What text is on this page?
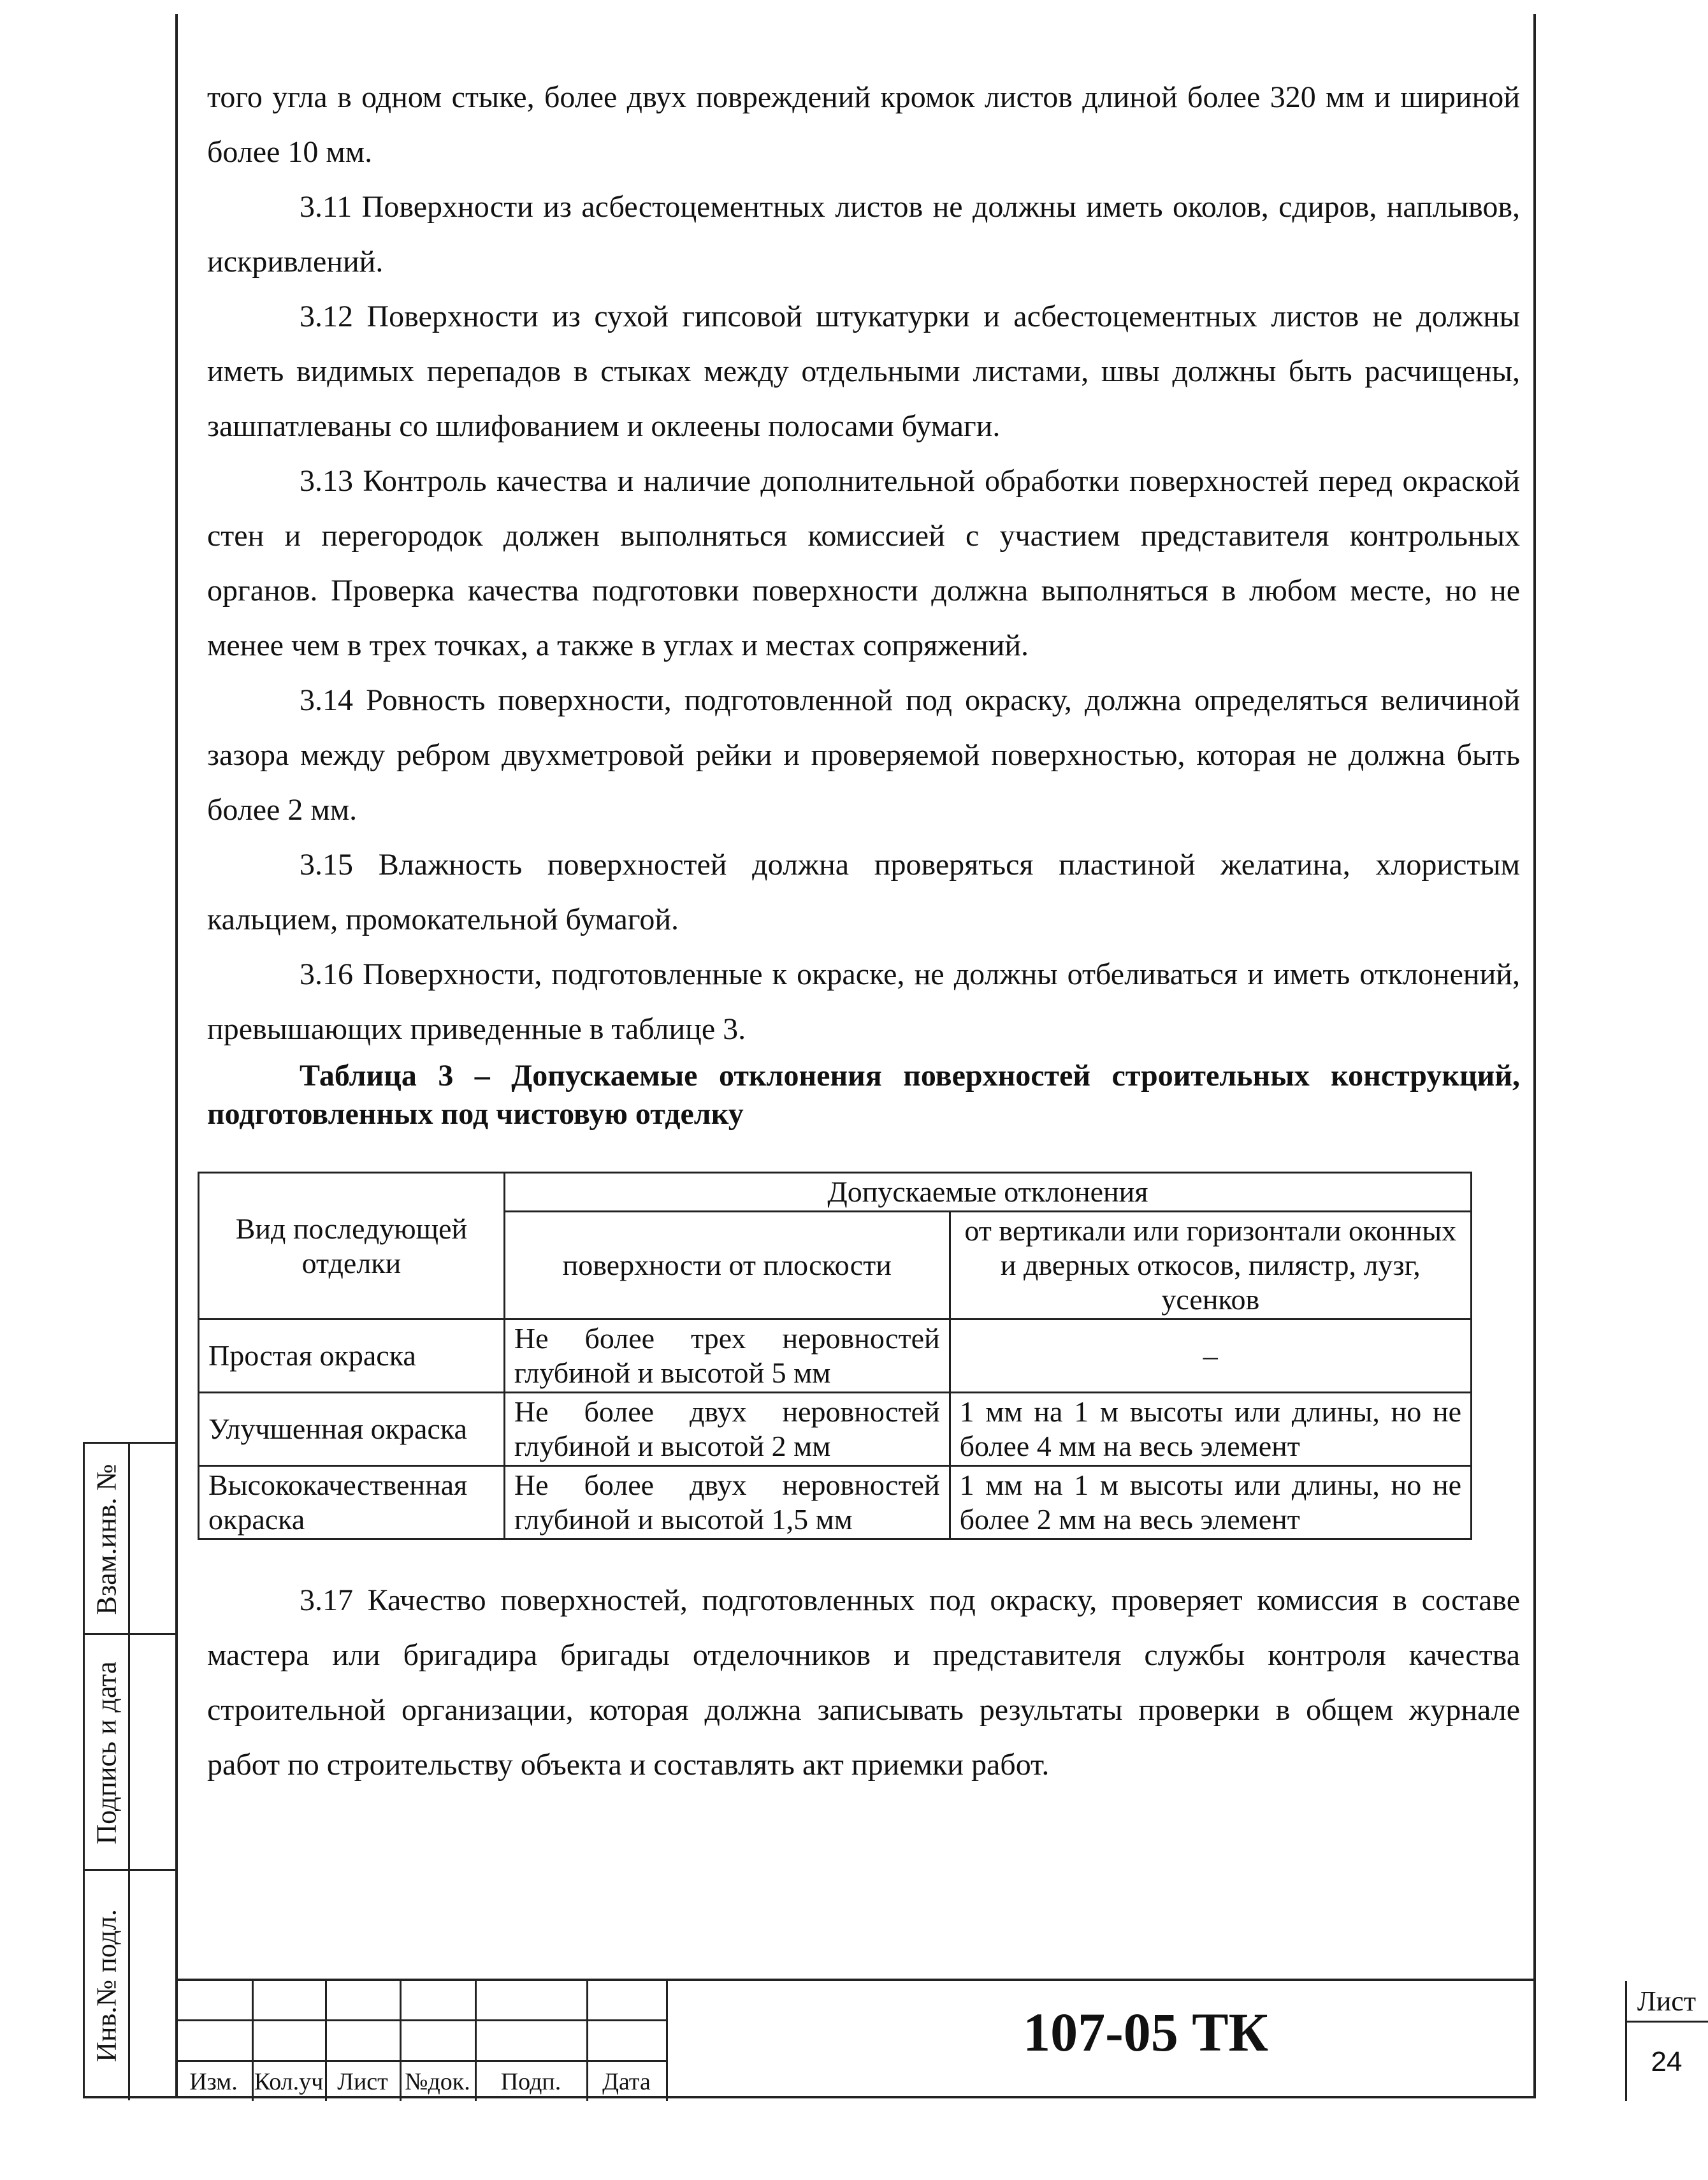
того угла в одном стыке, более двух повреждений кромок листов длиной более 320 мм и шириной более 10 мм.

3.11 Поверхности из асбестоцементных листов не должны иметь околов, сдиров, наплывов, искривлений.

3.12 Поверхности из сухой гипсовой штукатурки и асбестоцементных листов не должны иметь видимых перепадов в стыках между отдельными листами, швы должны быть расчищены, зашпатлеваны со шлифованием и оклеены полосами бумаги.

3.13 Контроль качества и наличие дополнительной обработки поверхностей перед окраской стен и перегородок должен выполняться комиссией с участием представителя контрольных органов. Проверка качества подготовки поверхности должна выполняться в любом месте, но не менее чем в трех точках, а также в углах и местах сопряжений.

3.14 Ровность поверхности, подготовленной под окраску, должна определяться величиной зазора между ребром двухметровой рейки и проверяемой поверхностью, которая не должна быть более 2 мм.

3.15 Влажность поверхностей должна проверяться пластиной желатина, хлористым кальцием, промокательной бумагой.

3.16 Поверхности, подготовленные к окраске, не должны отбеливаться и иметь отклонений, превышающих приведенные в таблице 3.

Таблица 3 – Допускаемые отклонения поверхностей строительных конструкций, подготовленных под чистовую отделку

Вид последующей отделки	Допускаемые отклонения	
	поверхности от плоскости	от вертикали или горизонтали оконных и дверных откосов, пилястр, лузг, усенков
Простая окраска	Не более трех неровностей глубиной и высотой 5 мм	–
Улучшенная окраска	Не более двух неровностей глубиной и высотой 2 мм	1 мм на 1 м высоты или длины, но не более 4 мм на весь элемент
Высококачественная окраска	Не более двух неровностей глубиной и высотой 1,5 мм	1 мм на 1 м высоты или длины, но не более 2 мм на весь элемент

3.17 Качество поверхностей, подготовленных под окраску, проверяет комиссия в составе мастера или бригадира бригады отделочников и представителя службы контроля качества строительной организации, которая должна записывать результаты проверки в общем журнале работ по строительству объекта и составлять акт приемки работ.

Взам.инв. №
Подпись и дата
Инв.№ подл.
Изм. Кол.уч Лист №док.	Подп.	Дата
107-05 ТК
Лист
24
